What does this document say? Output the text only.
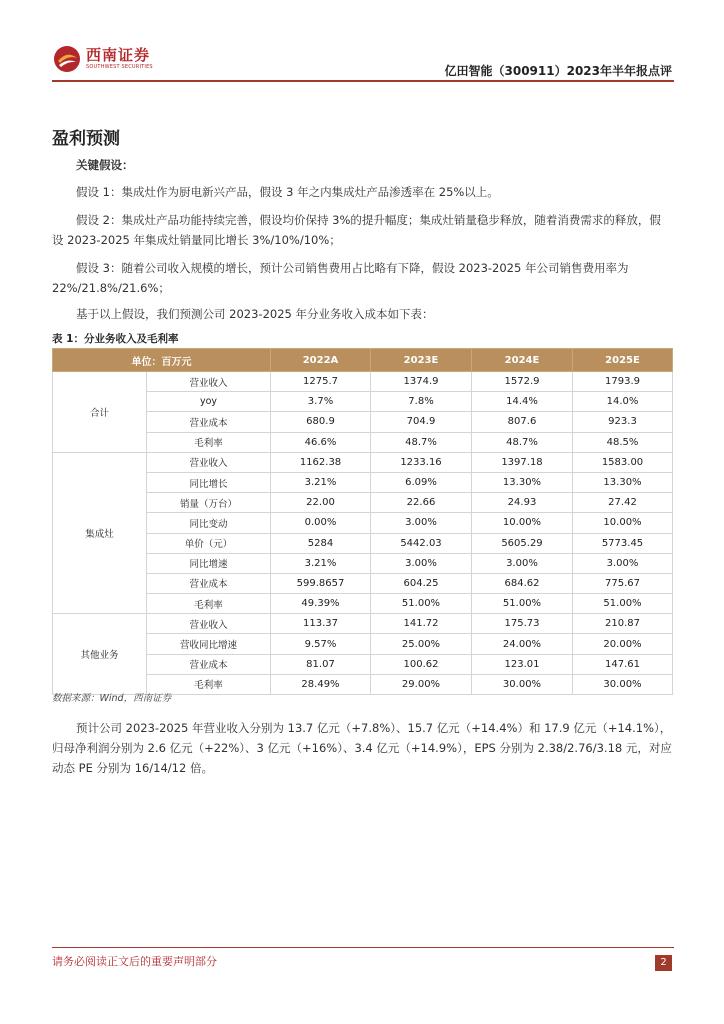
西南证券
SOUTHWEST SECURITIES	亿田智能（300911）2023年半年报点评
盈利预测
关键假设：
假设 1：集成灶作为厨电新兴产品，假设 3 年之内集成灶产品渗透率在 25%以上。
假设 2：集成灶产品功能持续完善，假设均价保持 3%的提升幅度；集成灶销量稳步释放，随着消费需求的释放，假设 2023-2025 年集成灶销量同比增长 3%/10%/10%；
假设 3：随着公司收入规模的增长，预计公司销售费用占比略有下降，假设 2023-2025 年公司销售费用率为 22%/21.8%/21.6%；
基于以上假设，我们预测公司 2023-2025 年分业务收入成本如下表：
表 1：分业务收入及毛利率
单位：百万元		2022A	2023E	2024E	2025E
合计	营业收入	1275.7	1374.9	1572.9	1793.9
	yoy	3.7%	7.8%	14.4%	14.0%
	营业成本	680.9	704.9	807.6	923.3
	毛利率	46.6%	48.7%	48.7%	48.5%
集成灶	营业收入	1162.38	1233.16	1397.18	1583.00
	同比增长	3.21%	6.09%	13.30%	13.30%
	销量（万台）	22.00	22.66	24.93	27.42
	同比变动	0.00%	3.00%	10.00%	10.00%
	单价（元）	5284	5442.03	5605.29	5773.45
	同比增速	3.21%	3.00%	3.00%	3.00%
	营业成本	599.8657	604.25	684.62	775.67
	毛利率	49.39%	51.00%	51.00%	51.00%
其他业务	营业收入	113.37	141.72	175.73	210.87
	营收同比增速	9.57%	25.00%	24.00%	20.00%
	营业成本	81.07	100.62	123.01	147.61
	毛利率	28.49%	29.00%	30.00%	30.00%
数据来源：Wind，西南证券
预计公司 2023-2025 年营业收入分别为 13.7 亿元（+7.8%）、15.7 亿元（+14.4%）和 17.9 亿元（+14.1%），归母净利润分别为 2.6 亿元（+22%）、3 亿元（+16%）、3.4 亿元（+14.9%），EPS 分别为 2.38/2.76/3.18 元，对应动态 PE 分别为 16/14/12 倍。
请务必阅读正文后的重要声明部分	2
